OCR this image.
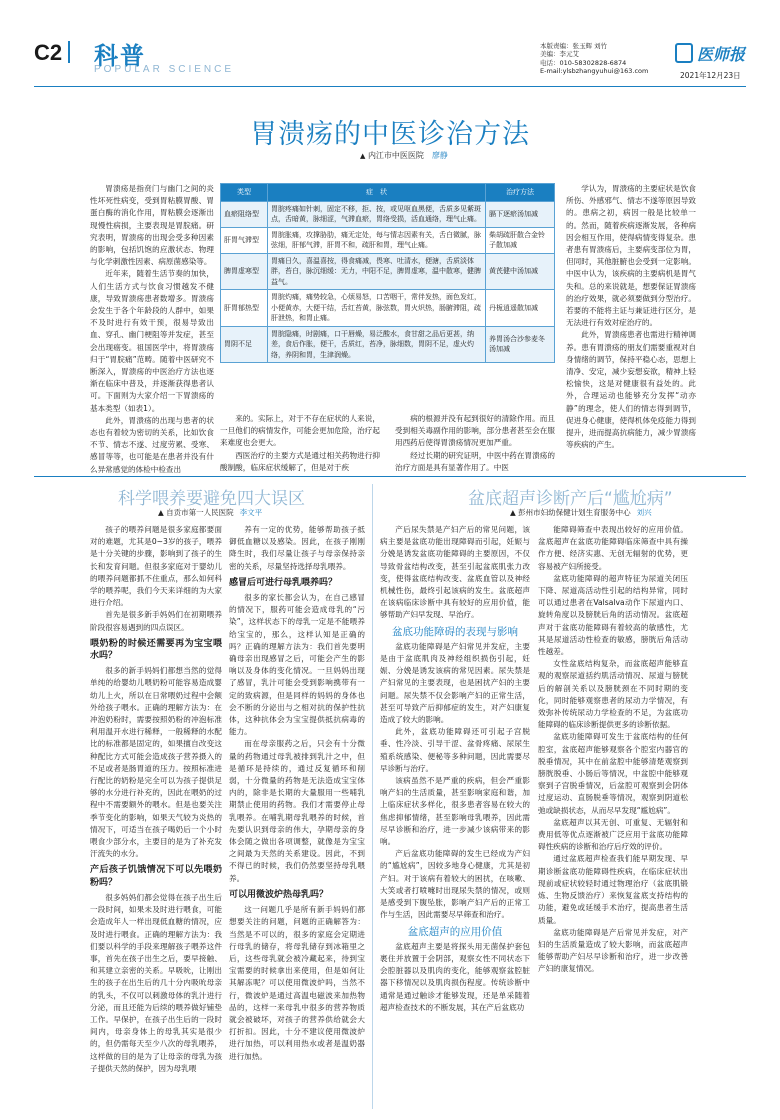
C2	科普
POPULAR SCIENCE
本版责编：张玉辉 刘竹
美编：李元艾
电话：010-58302828-6874
E-mail:ylsbzhangyuhui@163.com
医师报
2021年12月23日
胃溃疡的中医诊治方法
▲ 内江市中医医院 廖静

胃溃疡是指贲门与幽门之间的炎性坏死性病变，受到胃粘膜胃酸、胃蛋白酶的消化作用，胃粘膜会逐渐出现慢性病损，主要表现是胃脘痛。研究表明，胃溃疡的出现会受多种因素的影响，包括饥饱的应激状态、物理与化学刺激性因素、病原菌感染等。

近年来，随着生活节奏的加快，人们生活方式与饮食习惯越发不健康，导致胃溃疡患者数增多。胃溃疡会发生于各个年龄段的人群中，如果不及时进行有效干预，很易导致出血、穿孔、幽门梗阻等并发症，甚至会出现癌变。祖国医学中，将胃溃疡归于“胃脘痛”范畴。随着中医研究不断深入，胃溃疡的中医治疗方法也逐渐在临床中普及，并逐渐获得患者认可。下面则为大家介绍一下胃溃疡的基本类型（如表1）。

此外，胃溃疡的出现与患者的状态也有着较为密切的关系，比如饮食不节、情志不遂、过度劳累、受寒、感冒等等，也可能是在患者并没有什么异常感觉的体检中检查出

类型	症　状	治疗方法
血瘀阻络型	胃脘疼痛如针刺，固定不移，拒、按，或见呕血黑便，舌质多见紫斑点，舌暗黄，脉细涩，气滞血瘀，胃络受损，活血通络，理气止痛。	膈下逐瘀汤加减
肝胃气滞型	胃脘胀痛，攻撑胁肋，痛无定处，每与情志因素有关，舌白微腻，脉弦细，肝郁气滞，肝胃不和，疏肝和胃，理气止痛。	柴胡疏肝散合金铃子散加减
脾胃虚寒型	胃痛日久，喜温喜按，得食痛减，畏寒、吐清水，便溏，舌质淡体胖，苔白，脉沉细缓：无力，中阳不足，脾胃虚寒，温中散寒，健脾益气。	黄芪健中汤加减
肝胃郁热型	胃脘灼痛，痛势较急，心烦易怒，口苦咽干，常伴发热，面色发红，小便黄赤，大便干结，舌红苔黄，脉弦数，胃火炽热，肠腑滞阻，疏肝泄热，和胃止痛。	丹栀逍遥散加减
胃阴不足	胃脘隐痛，时剧痛，口干唇燥，易泛酸水，食甘甜之品后更甚，纳差，食后作胀，便干，舌质红，苔净，脉细数，胃阴不足，虚火灼络，养阴和胃，生津润燥。	养胃汤合沙参麦冬汤加减

来的。实际上，对于不存在症状的人来说，一旦他们的病情发作，可能会更加危险，治疗起来难度也会更大。

西医治疗的主要方式是通过相关药物进行抑酸制酸，临床症状缓解了，但是对于疾

病的根源并没有起到很好的清除作用。而且受到相关毒副作用的影响，部分患者甚至会在服用西药后使得胃溃疡情况更加严重。

经过长期的研究证明，中医中药在胃溃疡的治疗方面是具有显著作用了。中医

学认为，胃溃疡的主要症状是饮食所伤、外感邪气、情志不遂等原因导致的。患病之初，病因一般是比较单一的。然而，随着疾病逐渐发展，各种病因会相互作用，使得病情变得复杂。患者患有胃溃疡后，主要病变部位为胃，但同时，其他脏腑也会受到一定影响。中医中认为，该疾病的主要病机是胃气失和。总的来说就是，想要保证胃溃疡的治疗效果，就必须要做到分型治疗。若要的不能将主证与兼证进行区分，是无法进行有效对症治疗的。

此外，胃溃疡患者也需进行精神调养。患有胃溃疡的朋友们需要重视对自身情绪的调节，保持平稳心态，思想上清净、安定，减少妄想妄欲，精神上轻松愉快，这是对健康很有益处的。此外，合理运动也能够充分发挥“动亦静”的理念，使人们的情志得到调节，促进身心健康，使得机体免疫能力得到提升，进而提高抗病能力，减少胃溃疡等疾病的产生。

科学喂养要避免四大误区
▲ 自贡市第一人民医院 李文平

孩子的喂养问题是很多家庭都要面对的难题，尤其是0~3岁的孩子，喂养是十分关键的步骤，影响到了孩子的生长和发育问题。但很多家庭对于婴幼儿的喂养问题都抓不住重点，那么如何科学的喂养呢，我们今天来详细的为大家进行介绍。

首先是很多新手妈妈们在初期喂养阶段很容易遇到的四点误区。

喂奶粉的时候还需要再为宝宝喂水吗？

很多的新手妈妈们都想当然的觉得单纯的给婴幼儿喂奶粉可能容易造成婴幼儿上火，所以在日常喂奶过程中会额外给孩子喂水。正确的理解方法为：在冲泡奶粉时，需要按照奶粉的冲泡标准利用温开水进行稀释，一般稀释的水配比的标准都是固定的，如果擅自改变这种配比方式可能会造成孩子营养摄入的不足或者是肠胃道的压力。按照标准进行配比的奶粉是完全可以为孩子提供足够的水分进行补充的，因此在喂奶的过程中不需要额外的喂水。但是也要关注季节变化的影响，如果天气较为炎热的情况下，可适当在孩子喝奶后一个小时喂食少部分水，主要目的是为了补充发汗流失的水分。

产后孩子饥饿情况下可以先喂奶粉吗？

很多妈妈们都会觉得在孩子出生后一段时间，如果未及时进行喂食，可能会造成年人一样出现低血糖的情况，应及时进行喂食。正确的理解方法为：我们要以科学的手段来理解孩子喂养这件事，首先在孩子出生之后，要早接触、和其建立亲密的关系。早吸吮，让刚出生的孩子在出生后的几十分内吸吮母亲的乳头，不仅可以刺激母体的乳汁进行分泌，而且还能为后续的喂养做好铺垫工作。早保护，在孩子出生后的一段时间内，母亲身体上的母乳其实是很少的，但仍需每天至少八次的母乳喂养，这样做的目的是为了让母亲的母乳为孩子提供天然的保护，因为母乳喂

养有一定的优势，能够帮助孩子抵御低血糖以及感染。因此，在孩子刚刚降生时，我们尽量让孩子与母亲保持亲密的关系，尽量坚持选择母乳喂养。

感冒后可进行母乳喂养吗？

很多的家长都会认为，在自己感冒的情况下，服药可能会造成母乳的“污染”，这样状态下的母乳一定是不能喂养给宝宝的，那么，这样认知是正确的吗？正确的理解方法为：我们首先要明确母亲出现感冒之后，可能会产生的影响以及身体的变化情况。一旦妈妈出现了感冒，乳汁可能会受到影响携带有一定的致病源，但是同样的妈妈的身体也会不断的分泌出与之相对抗的保护性抗体，这种抗体会为宝宝提供抵抗病毒的能力。

而在母亲服药之后，只会有十分微量的药物通过母乳被排到乳汁之中，但是循环是持续的，通过反复循环和削弱，十分微量的药物是无法造成宝宝体内的，除非是长期的大量服用一些哺乳期禁止使用的药物。我们才需要停止母乳喂养。在哺乳期母乳喂养的时候，首先要认识到母亲的伟大，孕期母亲的身体会随之做出各项调整，就像是为宝宝之间最为天然的关系建设。因此，不到不得已的时候，我们仍然要坚持母乳喂养。

可以用微波炉热母乳吗？

这一问题几乎是所有新手妈妈们都想要关注的问题，问题的正确解答为：当然是不可以的，很多的家庭会定期进行母乳的储存，将母乳储存到冰箱里之后，这些母乳就会被冷藏起来，待到宝宝需要的时候拿出来使用，但是如何让其解冻呢？可以使用微波炉吗，当然不行，微波炉是通过高温电磁波来加热物品的，这样一来母乳中很多的营养物质就会被破坏，对孩子的营养供给就会大打折扣。因此，十分不建议使用微波炉进行加热，可以利用热水或者是温奶器进行加热。

盆底超声诊断产后“尴尬病”
▲ 彭州市妇幼保健计划生育服务中心 刘兴

产后尿失禁是产妇产后的常见问题，该病主要是盆底功能出现障碍而引起，妊娠与分娩是诱发盆底功能障碍的主要原因，不仅导致骨盆结构改变，甚至引起盆底肌张力改变，使得盆底结构改变、盆底血管以及神经机械性伤，最终引起该病的发生。盆底超声在该病临床诊断中具有较好的应用价值，能够帮助产妇早发现、早治疗。

盆底功能障碍的表现与影响

盆底功能障碍是产妇常见并发症，主要是由于盆底肌肉及神经组织损伤引起，妊娠、分娩是诱发该病的常见因素。尿失禁是产妇常见的主要表现，也是困扰产妇的主要问题。尿失禁不仅会影响产妇的正常生活，甚至可导致产后抑郁症的发生，对产妇康复造成了较大的影响。

此外，盆底功能障碍还可引起子宫脱垂、性冷淡、引导干涩、盆骨疼痛、尿尿生殖系统感染、便秘等多种问题，因此需要尽早诊断与治疗。

该病虽然不是严重的疾病，但会严重影响产妇的生活质量，甚至影响家庭和谐，加上临床症状多样化，很多患者容易在较大的焦虑抑郁情绪，甚至影响母乳喂养，因此需尽早诊断和治疗，进一步减少该病带来的影响。

产后盆底功能障碍的发生已经成为产妇的“尴尬病”，因较多地身心健康，尤其是初产妇。对于该病有着较大的困扰，在咳嗽、大笑或者打喷嚏时出现尿失禁的情况，或则是感受到下腹坠胀，影响产妇产后的正常工作与生活，因此需要尽早筛查和治疗。

盆底超声的应用价值

盆底超声主要是将探头用无菌保护套包裹住并放置于会阴部，观察女性不同状态下会腔脏器以及肌肉的变化，能够观察盆腔脏器下移情况以及肌肉损伤程度。传统诊断中通常是通过触诊才能够发现，还是单采随着超声检查技术的不断发展，其在产后盆底功

能障碍筛查中表现出较好的应用价值。盆底超声在盆底功能障碍临床筛查中具有操作方便、经济实惠、无创无辐射的优势，更容易被产妇所接受。

盆底功能障碍的超声特征为尿道关闭压下降、尿道高活动性引起的结构异常，同时可以通过患者在Valsalva动作下尿道内口、旋转角度以及膀胱后角的活动情况。盆底超声对于盆底功能障碍有着较高的敏感性，尤其是尿道活动性检查的敏感，膀胱后角活动性越差。

女性盆底结构复杂，而盆底超声能够直观的观察尿道括约肌活动情况、尿道与膀胱后的解剖关系以及膀胱颈在不同时期的变化，同时能够观察患者的尿动力学情况，有效弥补传统尿动力学检查的不足，为盆底功能障碍的临床诊断提供更多的诊断依据。

盆底功能障碍可发生于盆底结构的任何腔室，盆底超声能够观察各个腔室内器官的脱垂情况，其中在前盆腔中能够清楚观察到膀胱脱垂、小肠后等情况，中盆腔中能够观察到子宫脱垂情况，后盆腔可观察到会阴体过度运动、直肠脱垂等情况，观察到阴道松弛或缺损状态，从而尽早发现“尴尬病”。

盆底超声以其无创、可重复、无辐射和费用低等优点逐渐被广泛应用于盆底功能障碍性疾病的诊断和治疗后疗效的评价。

通过盆底超声检查我们能早期发现、早期诊断盆底功能障碍性疾病，在临床症状出现前或症状较轻时通过物理治疗（盆底肌锻炼、生物反馈治疗）来恢复盆底支持结构的功能，避免或延缓手术治疗，提高患者生活质量。

盆底功能障碍是产后常见并发症，对产妇的生活质量造成了较大影响，而盆底超声能够帮助产妇尽早诊断和治疗，进一步改善产妇的康复情况。
